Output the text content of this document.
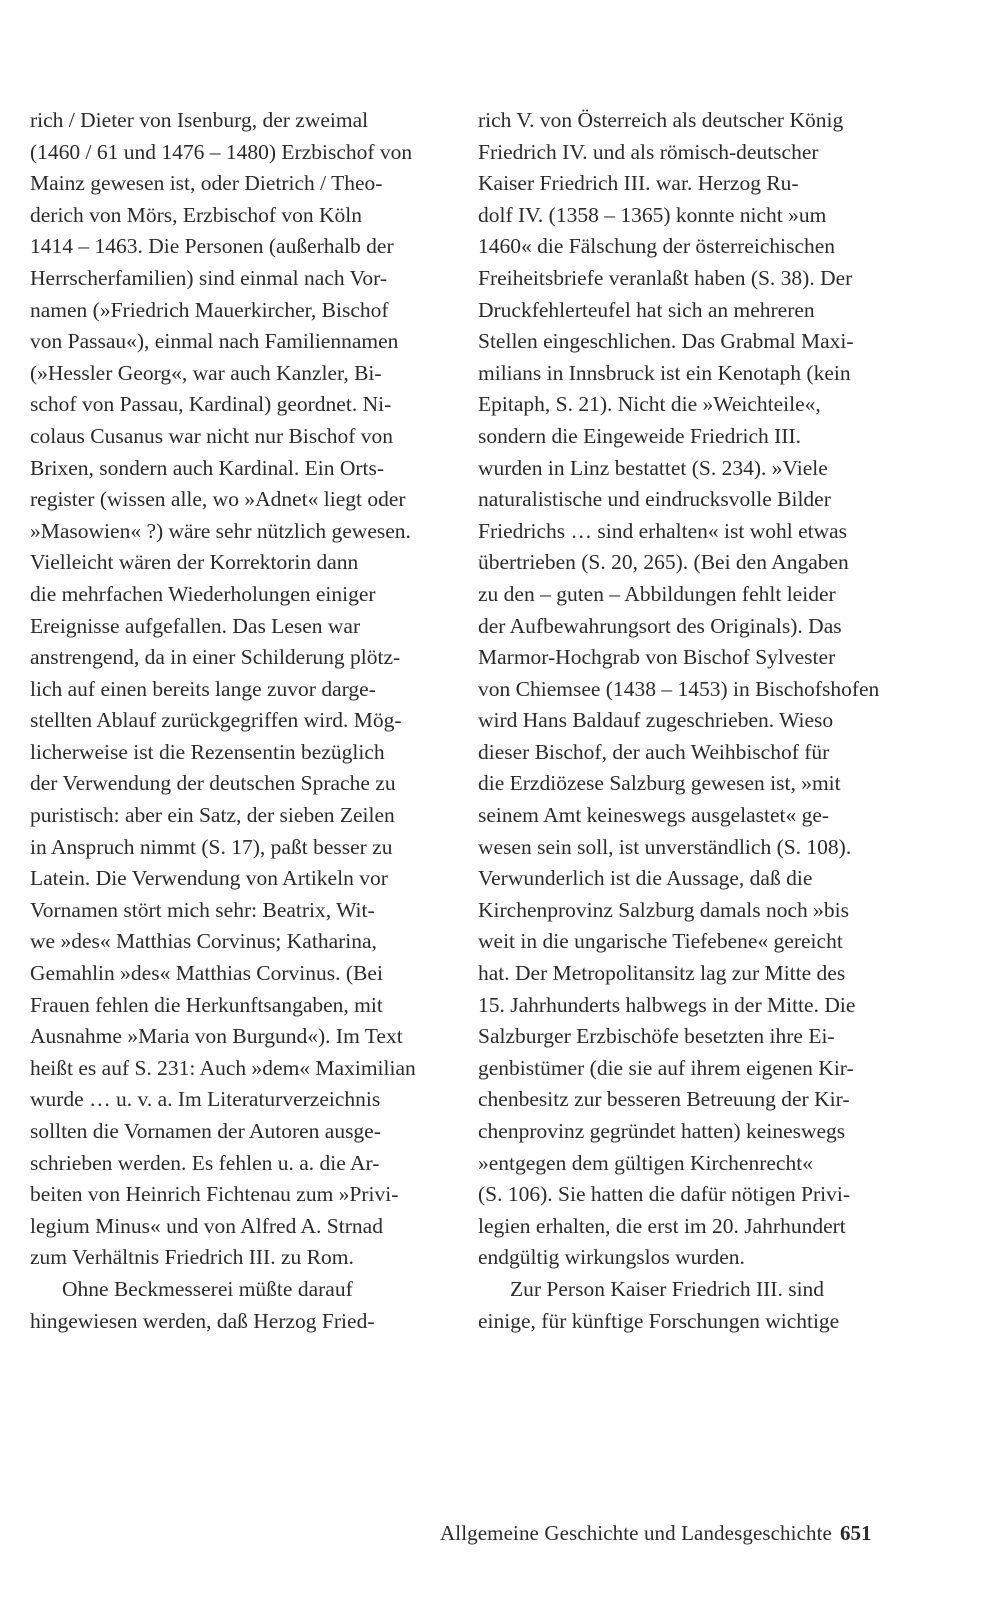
rich / Dieter von Isenburg, der zweimal
(1460 / 61 und 1476 – 1480) Erzbischof von
Mainz gewesen ist, oder Dietrich / Theo-
derich von Mörs, Erzbischof von Köln
1414 – 1463. Die Personen (außerhalb der
Herrscherfamilien) sind einmal nach Vor-
namen (»Friedrich Mauerkircher, Bischof
von Passau«), einmal nach Familiennamen
(»Hessler Georg«, war auch Kanzler, Bi-
schof von Passau, Kardinal) geordnet. Ni-
colaus Cusanus war nicht nur Bischof von
Brixen, sondern auch Kardinal. Ein Orts-
register (wissen alle, wo »Adnet« liegt oder
»Masowien« ?) wäre sehr nützlich gewesen.
Vielleicht wären der Korrektorin dann
die mehrfachen Wiederholungen einiger
Ereignisse aufgefallen. Das Lesen war
anstrengend, da in einer Schilderung plötz-
lich auf einen bereits lange zuvor darge-
stellten Ablauf zurückgegriffen wird. Mög-
licherweise ist die Rezensentin bezüglich
der Verwendung der deutschen Sprache zu
puristisch: aber ein Satz, der sieben Zeilen
in Anspruch nimmt (S. 17), paßt besser zu
Latein. Die Verwendung von Artikeln vor
Vornamen stört mich sehr: Beatrix, Wit-
we »des« Matthias Corvinus; Katharina,
Gemahlin »des« Matthias Corvinus. (Bei
Frauen fehlen die Herkunftsangaben, mit
Ausnahme »Maria von Burgund«). Im Text
heißt es auf S. 231: Auch »dem« Maximilian
wurde … u. v. a. Im Literaturverzeichnis
sollten die Vornamen der Autoren ausge-
schrieben werden. Es fehlen u. a. die Ar-
beiten von Heinrich Fichtenau zum »Privi-
legium Minus« und von Alfred A. Strnad
zum Verhältnis Friedrich III. zu Rom.
Ohne Beckmesserei müßte darauf
hingewiesen werden, daß Herzog Fried-
rich V. von Österreich als deutscher König
Friedrich IV. und als römisch-deutscher
Kaiser Friedrich III. war. Herzog Ru-
dolf IV. (1358 – 1365) konnte nicht »um
1460« die Fälschung der österreichischen
Freiheitsbriefe veranlaßt haben (S. 38). Der
Druckfehlerteufel hat sich an mehreren
Stellen eingeschlichen. Das Grabmal Maxi-
milians in Innsbruck ist ein Kenotaph (kein
Epitaph, S. 21). Nicht die »Weichteile«,
sondern die Eingeweide Friedrich III.
wurden in Linz bestattet (S. 234). »Viele
naturalistische und eindrucksvolle Bilder
Friedrichs … sind erhalten« ist wohl etwas
übertrieben (S. 20, 265). (Bei den Angaben
zu den – guten – Abbildungen fehlt leider
der Aufbewahrungsort des Originals). Das
Marmor-Hochgrab von Bischof Sylvester
von Chiemsee (1438 – 1453) in Bischofshofen
wird Hans Baldauf zugeschrieben. Wieso
dieser Bischof, der auch Weihbischof für
die Erzdiözese Salzburg gewesen ist, »mit
seinem Amt keineswegs ausgelastet« ge-
wesen sein soll, ist unverständlich (S. 108).
Verwunderlich ist die Aussage, daß die
Kirchenprovinz Salzburg damals noch »bis
weit in die ungarische Tiefebene« gereicht
hat. Der Metropolitansitz lag zur Mitte des
15. Jahrhunderts halbwegs in der Mitte. Die
Salzburger Erzbischöfe besetzten ihre Ei-
genbistümer (die sie auf ihrem eigenen Kir-
chenbesitz zur besseren Betreuung der Kir-
chenprovinz gegründet hatten) keineswegs
»entgegen dem gültigen Kirchenrecht«
(S. 106). Sie hatten die dafür nötigen Privi-
legien erhalten, die erst im 20. Jahrhundert
endgültig wirkungslos wurden.
Zur Person Kaiser Friedrich III. sind
einige, für künftige Forschungen wichtige
Allgemeine Geschichte und Landesgeschichte 651
